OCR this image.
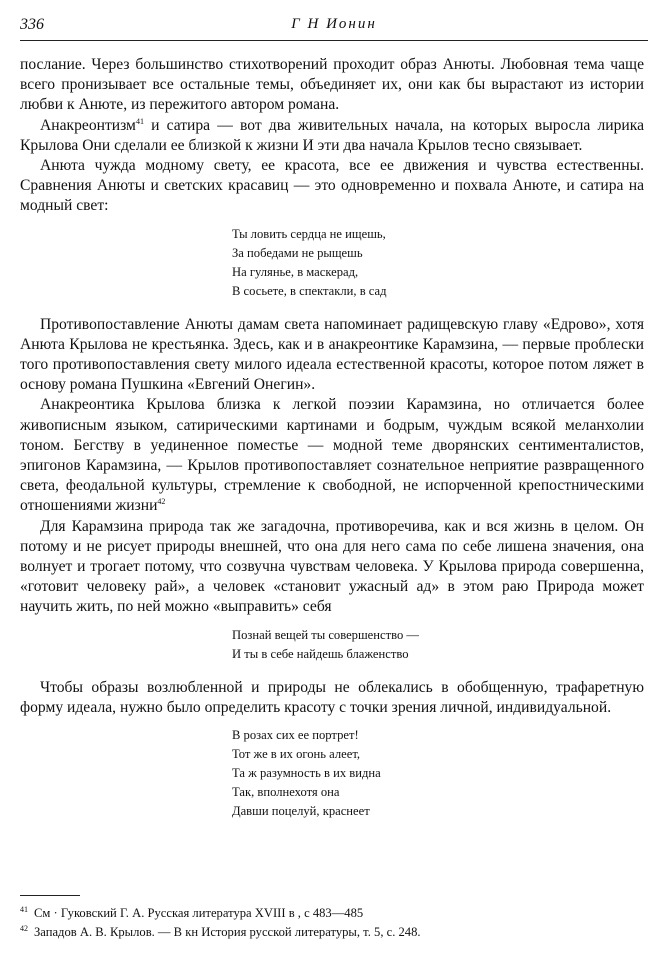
336	Г Н Ионин

послание. Через большинство стихотворений проходит образ Анюты. Любовная тема чаще всего пронизывает все остальные темы, объединяет их, они как бы вырастают из истории любви к Анюте, из пережитого автором романа.

Анакреонтизм$^{41}$ и сатира — вот два живительных начала, на которых выросла лирика Крылова Они сделали ее близкой к жизни И эти два начала Крылов тесно связывает.

Анюта чужда модному свету, ее красота, все ее движения и чувства естественны. Сравнения Анюты и светских красавиц — это одновременно и похвала Анюте, и сатира на модный свет:

Ты ловить сердца не ищешь,
За победами не рыщешь
На гулянье, в маскерад,
В сосьете, в спектакли, в сад

Противопоставление Анюты дамам света напоминает радищевскую главу «Едрово», хотя Анюта Крылова не крестьянка. Здесь, как и в анакреонтике Карамзина, — первые проблески того противопоставления свету милого идеала естественной красоты, которое потом ляжет в основу романа Пушкина «Евгений Онегин».

Анакреонтика Крылова близка к легкой поэзии Карамзина, но отличается более живописным языком, сатирическими картинами и бодрым, чуждым всякой меланхолии тоном. Бегству в уединенное поместье — модной теме дворянских сентименталистов, эпигонов Карамзина, — Крылов противопоставляет сознательное неприятие развращенного света, феодальной культуры, стремление к свободной, не испорченной крепостническими отношениями жизни$^{42}$

Для Карамзина природа так же загадочна, противоречива, как и вся жизнь в целом. Он потому и не рисует природы внешней, что она для него сама по себе лишена значения, она волнует и трогает потому, что созвучна чувствам человека. У Крылова природа совершенна, «готовит человеку рай», а человек «становит ужасный ад» в этом раю Природа может научить жить, по ней можно «выправить» себя

Познай вещей ты совершенство —
И ты в себе найдешь блаженство

Чтобы образы возлюбленной и природы не облекались в обобщенную, трафаретную форму идеала, нужно было определить красоту с точки зрения личной, индивидуальной.

В розах сих ее портрет!
Тот же в их огонь алеет,
Та ж разумность в их видна
Так, вполнехотя она
Давши поцелуй, краснеет
$^{41}$ См · Гуковский Г. А. Русская литература XVIII в , с 483—485
$^{42}$ Западов А. В. Крылов. — В кн История русской литературы, т. 5, с. 248.
